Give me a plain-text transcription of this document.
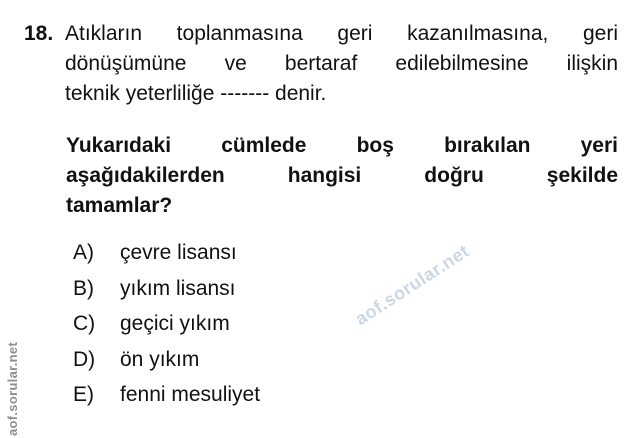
18. Atıkların toplanmasına geri kazanılmasına, geri
dönüşümüne ve bertaraf edilebilmesine ilişkin
teknik yeterliliğe ------- denir.
Yukarıdaki cümlede boş bırakılan yeri
aşağıdakilerden hangisi doğru şekilde
tamamlar?
A)	çevre lisansı
B)	yıkım lisansı
C)	geçici yıkım
D)	ön yıkım
E)	fenni mesuliyet
aof.sorular.net
aof.sorular.net
